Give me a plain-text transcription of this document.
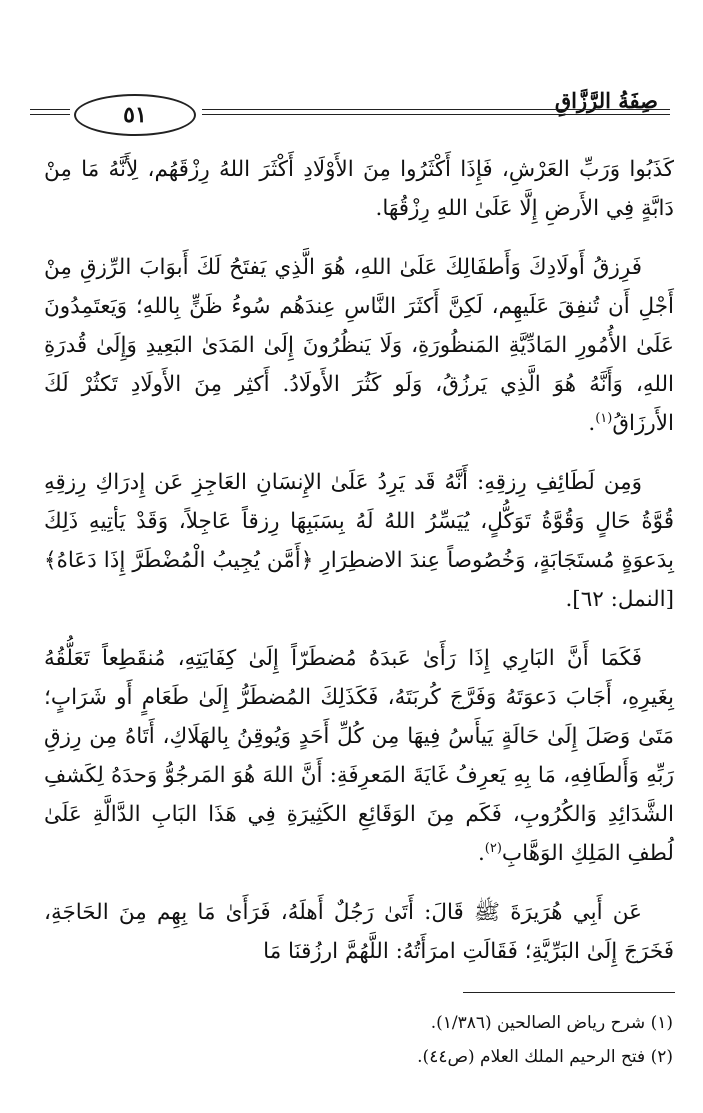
صِفَةُ الرَّزَّاقِ
٥١

كَذَبُوا وَرَبِّ العَرْشِ، فَإِذَا أَكْثَرُوا مِنَ الأَوْلَادِ أَكْثَرَ اللهُ رِزْقَهُم، لِأَنَّهُ مَا مِنْ دَابَّةٍ فِي الأَرضِ إِلَّا عَلَىٰ اللهِ رِزْقُهَا.

فَرِزقُ أَولَادِكَ وَأَطفَالِكَ عَلَىٰ اللهِ، هُوَ الَّذِي يَفتَحُ لَكَ أَبوَابَ الرِّزقِ مِنْ أَجْلِ أَن تُنفِقَ عَلَيهِم، لَكِنَّ أَكثَرَ النَّاسِ عِندَهُم سُوءُ ظَنٍّ بِاللهِ؛ وَيَعتَمِدُونَ عَلَىٰ الأُمُورِ المَادِّيَّةِ المَنظُورَةِ، وَلَا يَنظُرُونَ إِلَىٰ المَدَىٰ البَعِيدِ وَإِلَىٰ قُدرَةِ اللهِ، وَأَنَّهُ هُوَ الَّذِي يَرزُقُ، وَلَو كَثُرَ الأَولَادُ. أَكثِر مِنَ الأَولَادِ تَكثُرْ لَكَ الأَرزَاقُ$^{(١)}$.

وَمِن لَطَائِفِ رِزقِهِ: أَنَّهُ قَد يَرِدُ عَلَىٰ الإِنسَانِ العَاجِزِ عَن إِدرَاكِ رِزقِهِ قُوَّةُ حَالٍ وَقُوَّةُ تَوَكُّلٍ، يُيَسِّرُ اللهُ لَهُ بِسَبَبِهَا رِزقاً عَاجِلاً، وَقَدْ يَأتِيهِ ذَلِكَ بِدَعوَةٍ مُستَجَابَةٍ، وَخُصُوصاً عِندَ الاضطِرَارِ ﴿أَمَّن يُجِيبُ الْمُضْطَرَّ إِذَا دَعَاهُ﴾ [النمل: ٦٢].

فَكَمَا أَنَّ البَارِي إِذَا رَأَىٰ عَبدَهُ مُضطَرّاً إِلَىٰ كِفَايَتِهِ، مُنقَطِعاً تَعَلُّقُهُ بِغَيرِهِ، أَجَابَ دَعوَتَهُ وَفَرَّجَ كُربَتَهُ، فَكَذَلِكَ المُضطَرُّ إِلَىٰ طَعَامٍ أَو شَرَابٍ؛ مَتَىٰ وَصَلَ إِلَىٰ حَالَةٍ يَيأَسُ فِيهَا مِن كُلِّ أَحَدٍ وَيُوقِنُ بِالهَلَاكِ، أَتَاهُ مِن رِزقِ رَبِّهِ وَأَلطَافِهِ، مَا بِهِ يَعرِفُ غَايَةَ المَعرِفَةِ: أَنَّ اللهَ هُوَ المَرجُوُّ وَحدَهُ لِكَشفِ الشَّدَائِدِ وَالكُرُوبِ، فَكَم مِنَ الوَقَائِعِ الكَثِيرَةِ فِي هَذَا البَابِ الدَّالَّةِ عَلَىٰ لُطفِ المَلِكِ الوَهَّابِ$^{(٢)}$.

عَن أَبِي هُرَيرَةَ ﷺ قَالَ: أَتَىٰ رَجُلٌ أَهلَهُ، فَرَأَىٰ مَا بِهِم مِنَ الحَاجَةِ، فَخَرَجَ إِلَىٰ البَرِّيَّةِ؛ فَقَالَتِ امرَأَتُهُ: اللَّهُمَّ ارزُقنَا مَا

(١) شرح رياض الصالحين (١/٣٨٦).
(٢) فتح الرحيم الملك العلام (ص٤٤).
